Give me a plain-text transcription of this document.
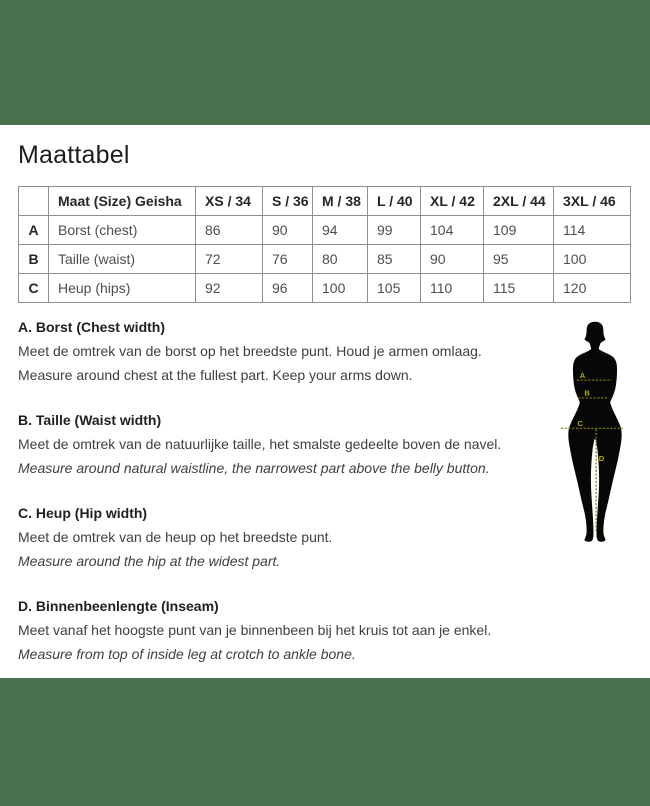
Maattabel
	Maat (Size) Geisha	XS / 34	S / 36	M / 38	L / 40	XL / 42	2XL / 44	3XL / 46
A	Borst (chest)	86	90	94	99	104	109	114
B	Taille (waist)	72	76	80	85	90	95	100
C	Heup (hips)	92	96	100	105	110	115	120
A. Borst (Chest width)

Meet de omtrek van de borst op het breedste punt. Houd je armen omlaag.

Measure around chest at the fullest part. Keep your arms down.

B. Taille (Waist width)

Meet de omtrek van de natuurlijke taille, het smalste gedeelte boven de navel.

Measure around natural waistline, the narrowest part above the belly button.

C. Heup (Hip width)

Meet de omtrek van de heup op het breedste punt.

Measure around the hip at the widest part.

D. Binnenbeenlengte (Inseam)

Meet vanaf het hoogste punt van je binnenbeen bij het kruis tot aan je enkel.

Measure from top of inside leg at crotch to ankle bone.

A
B
C
D
